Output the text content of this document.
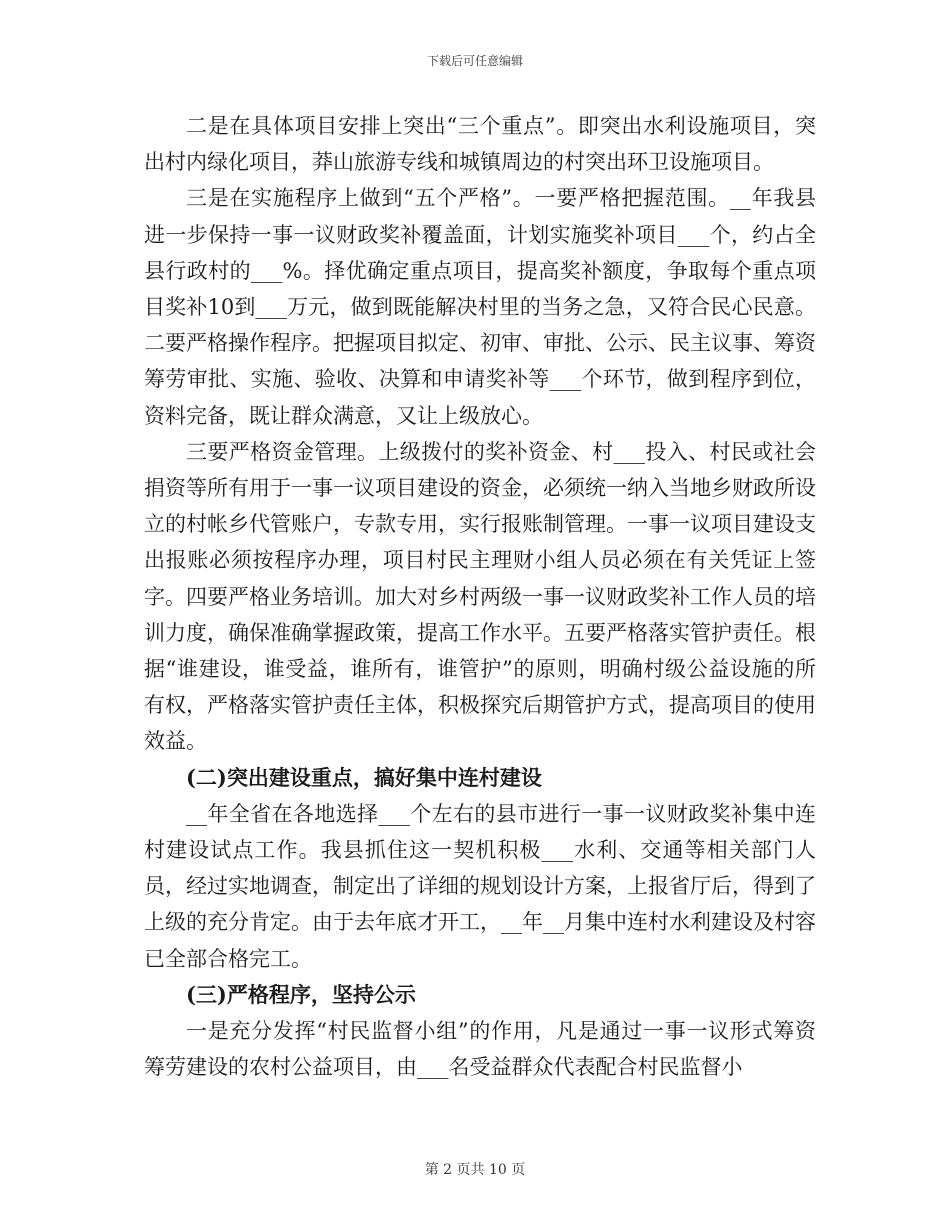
下载后可任意编辑

二是在具体项目安排上突出“三个重点”。即突出水利设施项目，突出村内绿化项目，莽山旅游专线和城镇周边的村突出环卫设施项目。

三是在实施程序上做到“五个严格”。一要严格把握范围。__年我县进一步保持一事一议财政奖补覆盖面，计划实施奖补项目___个，约占全县行政村的___%。择优确定重点项目，提高奖补额度，争取每个重点项目奖补10到___万元，做到既能解决村里的当务之急，又符合民心民意。二要严格操作程序。把握项目拟定、初审、审批、公示、民主议事、筹资筹劳审批、实施、验收、决算和申请奖补等___个环节，做到程序到位，资料完备，既让群众满意，又让上级放心。

三要严格资金管理。上级拨付的奖补资金、村___投入、村民或社会捐资等所有用于一事一议项目建设的资金，必须统一纳入当地乡财政所设立的村帐乡代管账户，专款专用，实行报账制管理。一事一议项目建设支出报账必须按程序办理，项目村民主理财小组人员必须在有关凭证上签字。四要严格业务培训。加大对乡村两级一事一议财政奖补工作人员的培训力度，确保准确掌握政策，提高工作水平。五要严格落实管护责任。根据“谁建设，谁受益，谁所有，谁管护”的原则，明确村级公益设施的所有权，严格落实管护责任主体，积极探究后期管护方式，提高项目的使用效益。

(二)突出建设重点，搞好集中连村建设

__年全省在各地选择___个左右的县市进行一事一议财政奖补集中连村建设试点工作。我县抓住这一契机积极___水利、交通等相关部门人员，经过实地调查，制定出了详细的规划设计方案，上报省厅后，得到了上级的充分肯定。由于去年底才开工，__年__月集中连村水利建设及村容已全部合格完工。

(三)严格程序，坚持公示

一是充分发挥“村民监督小组”的作用，凡是通过一事一议形式筹资筹劳建设的农村公益项目，由___名受益群众代表配合村民监督小

第 2 页共 10 页
